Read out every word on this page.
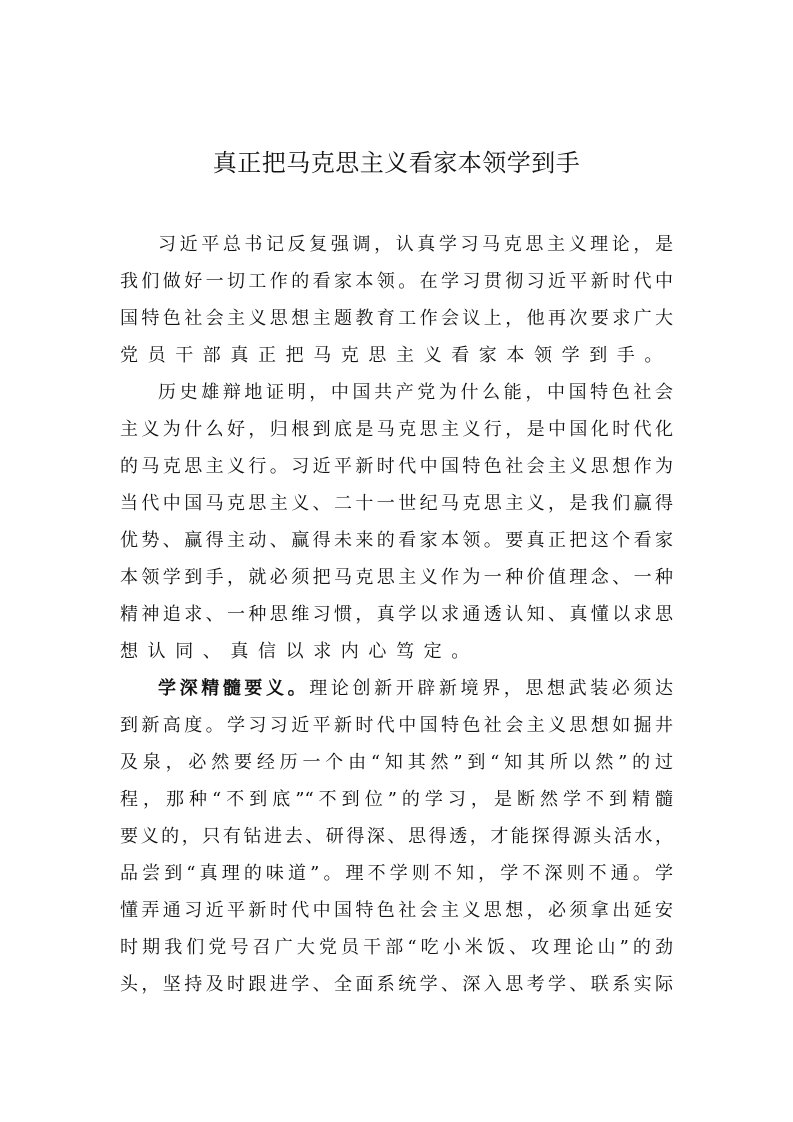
真正把马克思主义看家本领学到手
习近平总书记反复强调，认真学习马克思主义理论，是
我们做好一切工作的看家本领。在学习贯彻习近平新时代中
国特色社会主义思想主题教育工作会议上，他再次要求广大
党员干部真正把马克思主义看家本领学到手。
历史雄辩地证明，中国共产党为什么能，中国特色社会
主义为什么好，归根到底是马克思主义行，是中国化时代化
的马克思主义行。习近平新时代中国特色社会主义思想作为
当代中国马克思主义、二十一世纪马克思主义，是我们赢得
优势、赢得主动、赢得未来的看家本领。要真正把这个看家
本领学到手，就必须把马克思主义作为一种价值理念、一种
精神追求、一种思维习惯，真学以求通透认知、真懂以求思
想认同、真信以求内心笃定。
学深精髓要义。理论创新开辟新境界，思想武装必须达
到新高度。学习习近平新时代中国特色社会主义思想如掘井
及泉，必然要经历一个由“知其然”到“知其所以然”的过
程，那种“不到底”“不到位”的学习，是断然学不到精髓
要义的，只有钻进去、研得深、思得透，才能探得源头活水，
品尝到“真理的味道”。理不学则不知，学不深则不通。学
懂弄通习近平新时代中国特色社会主义思想，必须拿出延安
时期我们党号召广大党员干部“吃小米饭、攻理论山”的劲
头，坚持及时跟进学、全面系统学、深入思考学、联系实际
